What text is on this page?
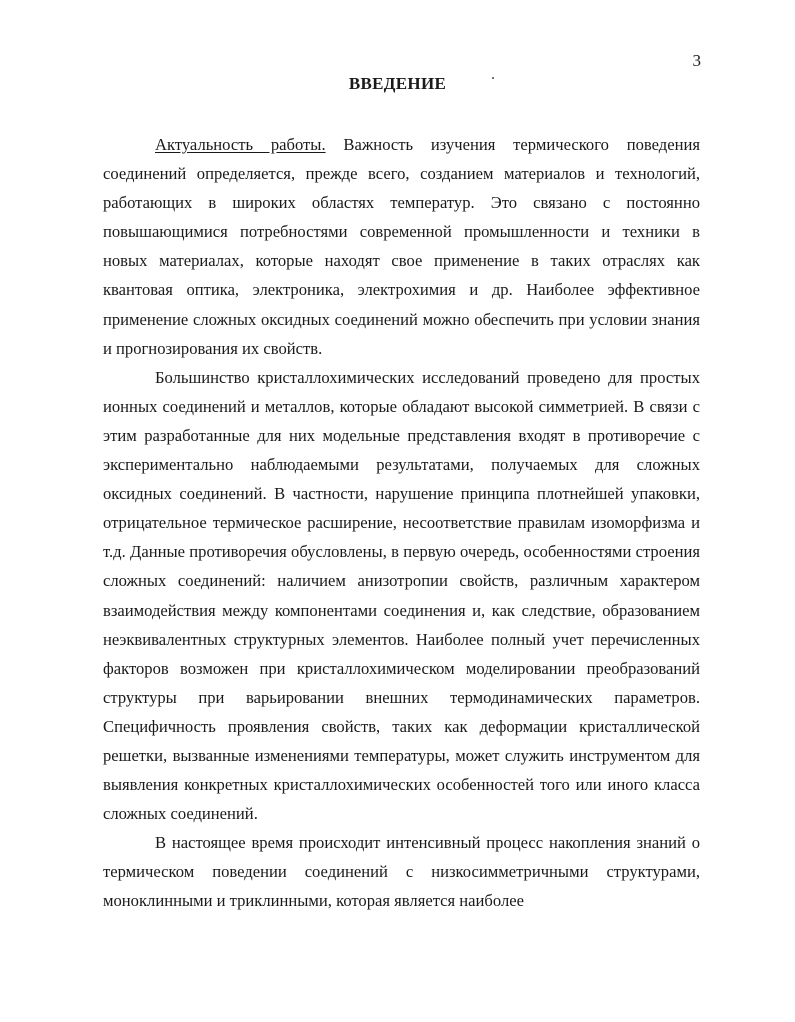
3
ВВЕДЕНИЕ

Актуальность работы. Важность изучения термического поведения соединений определяется, прежде всего, созданием материалов и технологий, работающих в широких областях температур. Это связано с постоянно повышающимися потребностями современной промышленности и техники в новых материалах, которые находят свое применение в таких отраслях как квантовая оптика, электроника, электрохимия и др. Наиболее эффективное применение сложных оксидных соединений можно обеспечить при условии знания и прогнозирования их свойств.

Большинство кристаллохимических исследований проведено для простых ионных соединений и металлов, которые обладают высокой симметрией. В связи с этим разработанные для них модельные представления входят в противоречие с экспериментально наблюдаемыми результатами, получаемых для сложных оксидных соединений. В частности, нарушение принципа плотнейшей упаковки, отрицательное термическое расширение, несоответствие правилам изоморфизма и т.д. Данные противоречия обусловлены, в первую очередь, особенностями строения сложных соединений: наличием анизотропии свойств, различным характером взаимодействия между компонентами соединения и, как следствие, образованием неэквивалентных структурных элементов. Наиболее полный учет перечисленных факторов возможен при кристаллохимическом моделировании преобразований структуры при варьировании внешних термодинамических параметров. Специфичность проявления свойств, таких как деформации кристаллической решетки, вызванные изменениями температуры, может служить инструментом для выявления конкретных кристаллохимических особенностей того или иного класса сложных соединений.

В настоящее время происходит интенсивный процесс накопления знаний о термическом поведении соединений с низкосимметричными структурами, моноклинными и триклинными, которая является наиболее
